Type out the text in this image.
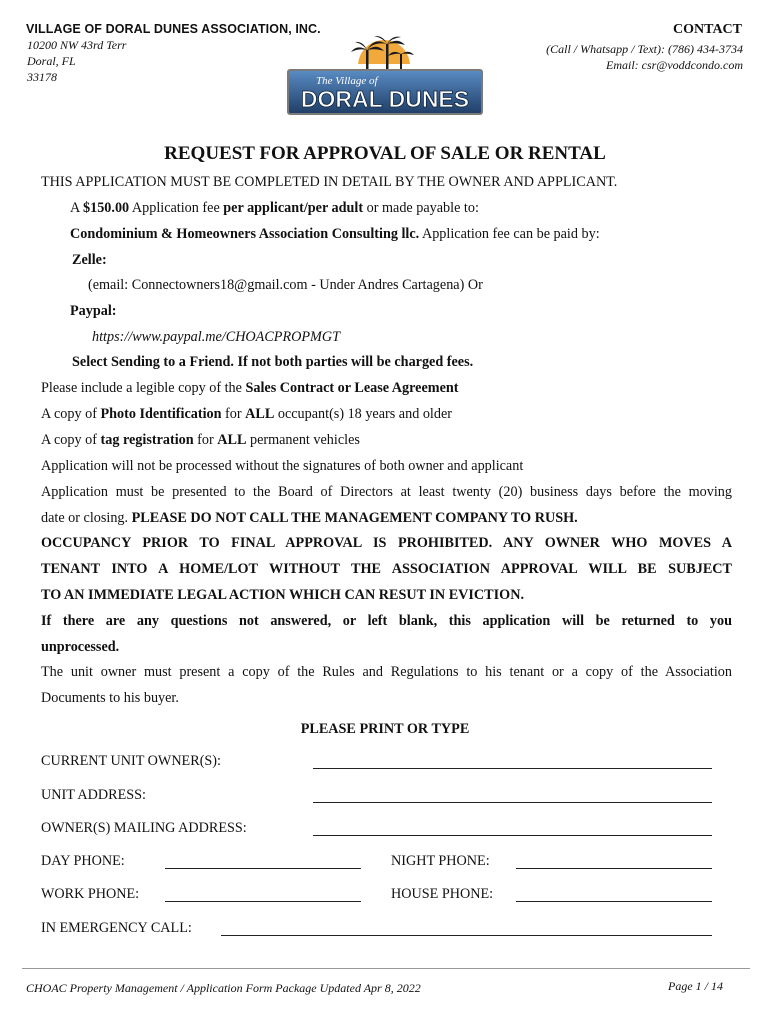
VILLAGE OF DORAL DUNES ASSOCIATION, INC.
10200 NW 43rd Terr
Doral, FL
33178
CONTACT
(Call / Whatsapp / Text): (786) 434-3734
Email: csr@voddcondo.com
The Village of
DORAL DUNES
REQUEST FOR APPROVAL OF SALE OR RENTAL
THIS APPLICATION MUST BE COMPLETED IN DETAIL BY THE OWNER AND APPLICANT.
A $150.00 Application fee per applicant/per adult or made payable to:
Condominium & Homeowners Association Consulting llc. Application fee can be paid by:
Zelle:
(email: Connectowners18@gmail.com - Under Andres Cartagena) Or
Paypal:
https://www.paypal.me/CHOACPROPMGT
Select Sending to a Friend. If not both parties will be charged fees.
Please include a legible copy of the Sales Contract or Lease Agreement
A copy of Photo Identification for ALL occupant(s) 18 years and older
A copy of tag registration for ALL permanent vehicles
Application will not be processed without the signatures of both owner and applicant
Application must be presented to the Board of Directors at least twenty (20) business days before the moving
date or closing. PLEASE DO NOT CALL THE MANAGEMENT COMPANY TO RUSH.
OCCUPANCY PRIOR TO FINAL APPROVAL IS PROHIBITED. ANY OWNER WHO MOVES A
TENANT INTO A HOME/LOT WITHOUT THE ASSOCIATION APPROVAL WILL BE SUBJECT
TO AN IMMEDIATE LEGAL ACTION WHICH CAN RESUT IN EVICTION.
If there are any questions not answered, or left blank, this application will be returned to you
unprocessed.
The unit owner must present a copy of the Rules and Regulations to his tenant or a copy of the Association
Documents to his buyer.
PLEASE PRINT OR TYPE
CURRENT UNIT OWNER(S):
UNIT ADDRESS:
OWNER(S) MAILING ADDRESS:
DAY PHONE:	NIGHT PHONE:
WORK PHONE:	HOUSE PHONE:
IN EMERGENCY CALL:
CHOAC Property Management / Application Form Package Updated Apr 8, 2022	Page 1 / 14
